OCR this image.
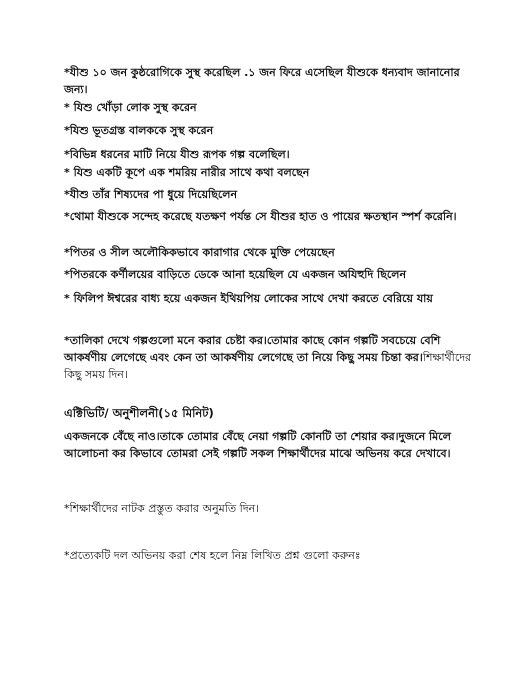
*যীশু ১০ জন কুষ্ঠরোগিকে সুস্থ করেছিল .১ জন ফিরে এসেছিল যীশুকে ধন্যবাদ জানানোর জন্য।

* যিশু খোঁড়া লোক সুস্থ করেন

*যিশু ভূতগ্রস্ত বালককে সুস্থ করেন

*বিভিন্ন ধরনের মাটি নিয়ে যীশু রূপক গল্প বলেছিল।

* যিশু একটি কূপে এক শমরিয় নারীর সাথে কথা বলছেন

*যীশু তাঁর শিষ্যদের পা ধুয়ে দিয়েছিলেন

*থোমা যীশুকে সন্দেহ করেছে যতক্ষণ পর্যন্ত সে যীশুর হাত ও পায়ের ক্ষতস্থান স্পর্শ করেনি।

*পিতর ও সীল অলৌকিকভাবে কারাগার থেকে মুক্তি পেয়েছেন

*পিতরকে কর্ণীলয়ের বাড়িতে ডেকে আনা হয়েছিল যে একজন অযিহুদি ছিলেন

* ফিলিপ ঈশ্বরের বাধ্য হয়ে একজন ইথিয়পিয় লোকের সাথে দেখা করতে বেরিয়ে যায়

*তালিকা দেখে গল্পগুলো মনে করার চেষ্টা কর।তোমার কাছে কোন গল্পটি সবচেয়ে বেশি আকর্ষণীয় লেগেছে এবং কেন তা আকর্ষণীয় লেগেছে তা নিয়ে কিছু সময় চিন্তা কর।শিক্ষার্থীদের কিছু সময় দিন।

এক্টিভিটি/ অনুশীলনী(১৫ মিনিট)

একজনকে বেঁছে নাও।তাকে তোমার বেঁছে নেয়া গল্পটি কোনটি তা শেয়ার কর।দুজনে মিলে আলোচনা কর কিভাবে তোমরা সেই গল্পটি সকল শিক্ষার্থীদের মাঝে অভিনয় করে দেখাবে।

*শিক্ষার্থীদের নাটক প্রস্তুত করার অনুমতি দিন।

*প্রত্যেকটি দল অভিনয় করা শেষ হলে নিম্ন লিখিত প্রশ্ন গুলো করুনঃ
